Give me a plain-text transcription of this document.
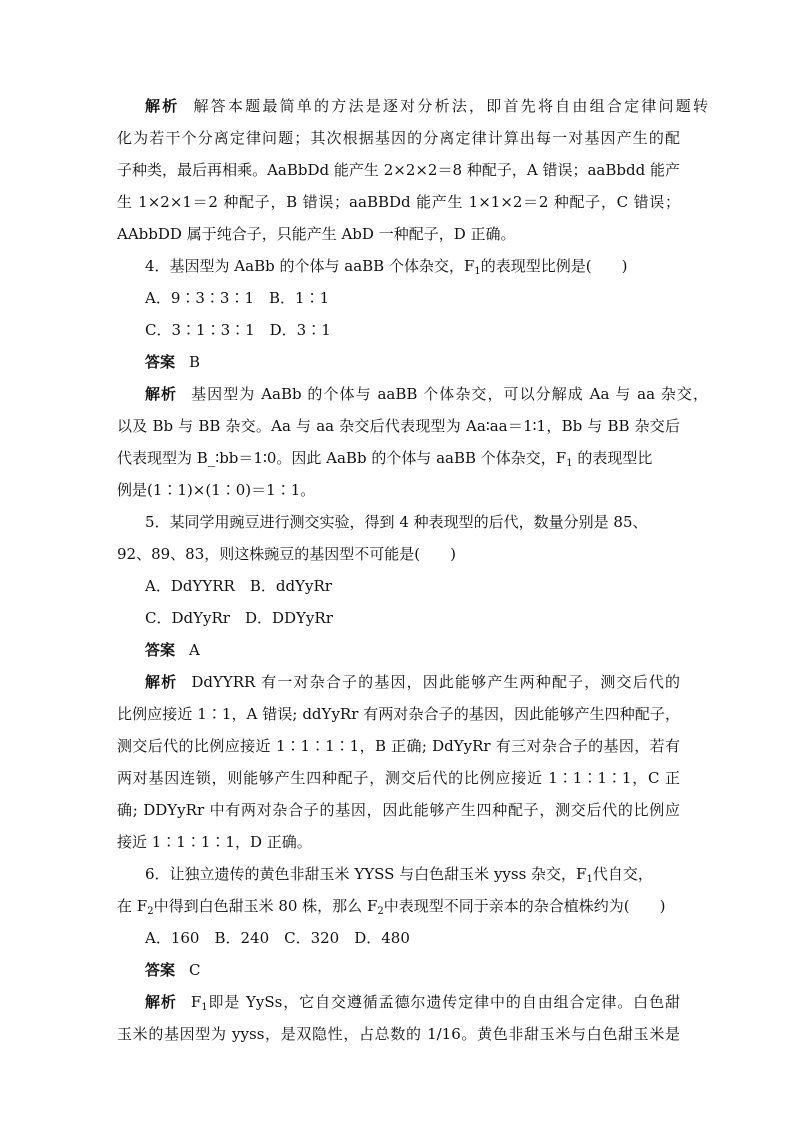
解析 解答本题最简单的方法是逐对分析法，即首先将自由组合定律问题转
化为若干个分离定律问题；其次根据基因的分离定律计算出每一对基因产生的配
子种类，最后再相乘。AaBbDd 能产生 2×2×2＝8 种配子，A 错误；aaBbdd 能产
生 1×2×1＝2 种配子，B 错误；aaBBDd 能产生 1×1×2＝2 种配子，C 错误；
AAbbDD 属于纯合子，只能产生 AbD 一种配子，D 正确。
4．基因型为 AaBb 的个体与 aaBB 个体杂交，$F_1$的表现型比例是(　　)
A．9∶3∶3∶1　B．1∶1
C．3∶1∶3∶1　D．3∶1
答案 B
解析 基因型为 AaBb 的个体与 aaBB 个体杂交，可以分解成 Aa 与 aa 杂交，
以及 Bb 与 BB 杂交。Aa 与 aa 杂交后代表现型为 Aa∶aa＝1∶1，Bb 与 BB 杂交后
代表现型为 B_∶bb＝1∶0。因此 AaBb 的个体与 aaBB 个体杂交，$F_1$ 的表现型比
例是(1∶1)×(1∶0)＝1∶1。
5．某同学用豌豆进行测交实验，得到 4 种表现型的后代，数量分别是 85、
92、89、83，则这株豌豆的基因型不可能是(　　)
A．DdYYRR　B．ddYyRr
C．DdYyRr　D．DDYyRr
答案 A
解析 DdYYRR 有一对杂合子的基因，因此能够产生两种配子，测交后代的
比例应接近 1∶1，A 错误; ddYyRr 有两对杂合子的基因，因此能够产生四种配子，
测交后代的比例应接近 1∶1∶1∶1，B 正确; DdYyRr 有三对杂合子的基因，若有
两对基因连锁，则能够产生四种配子，测交后代的比例应接近 1∶1∶1∶1，C 正
确; DDYyRr 中有两对杂合子的基因，因此能够产生四种配子，测交后代的比例应
接近 1∶1∶1∶1，D 正确。
6．让独立遗传的黄色非甜玉米 YYSS 与白色甜玉米 yyss 杂交，$F_1$代自交，
在 $F_2$中得到白色甜玉米 80 株，那么 $F_2$中表现型不同于亲本的杂合植株约为(　　)
A．160　B．240　C．320　D．480
答案 C
解析 $F_1$即是 YySs，它自交遵循孟德尔遗传定律中的自由组合定律。白色甜
玉米的基因型为 yyss，是双隐性，占总数的 1/16。黄色非甜玉米与白色甜玉米是
